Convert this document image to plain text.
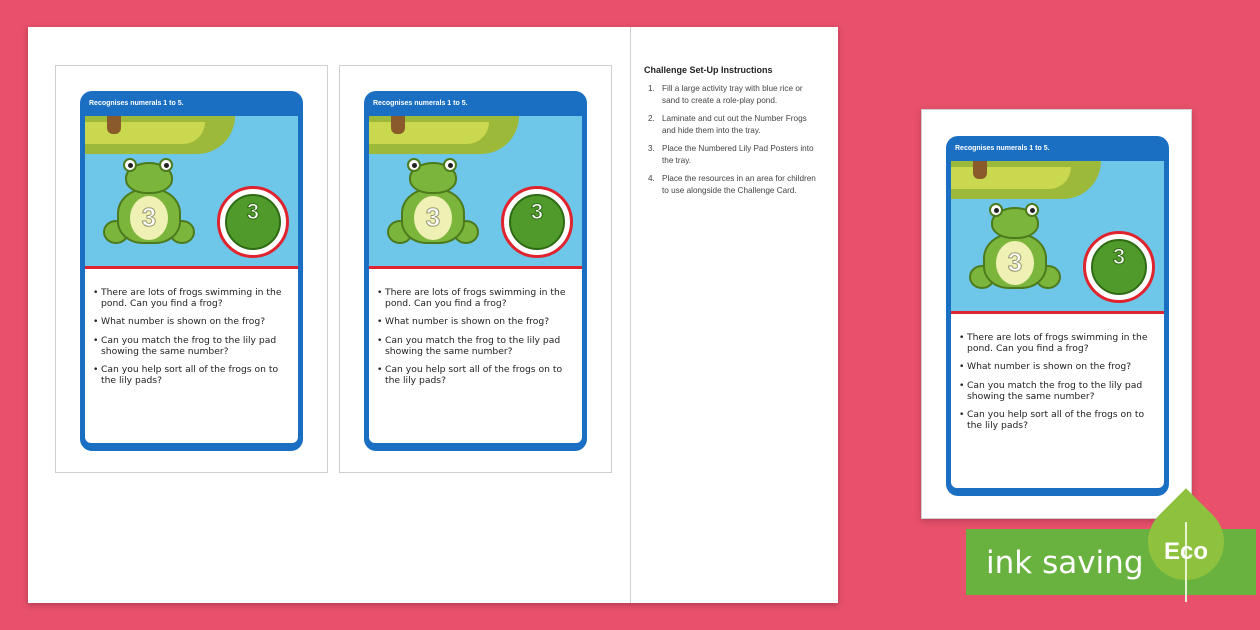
Recognises numerals 1 to 5.
3	3
• There are lots of frogs swimming in the pond. Can you find a frog?
• What number is shown on the frog?
• Can you match the frog to the lily pad showing the same number?
• Can you help sort all of the frogs on to the lily pads?
Recognises numerals 1 to 5.
3	3
• There are lots of frogs swimming in the pond. Can you find a frog?
• What number is shown on the frog?
• Can you match the frog to the lily pad showing the same number?
• Can you help sort all of the frogs on to the lily pads?
Challenge Set-Up Instructions
1. Fill a large activity tray with blue rice or sand to create a role-play pond.
2. Laminate and cut out the Number Frogs and hide them into the tray.
3. Place the Numbered Lily Pad Posters into the tray.
4. Place the resources in an area for children to use alongside the Challenge Card.
Recognises numerals 1 to 5.
3	3
• There are lots of frogs swimming in the pond. Can you find a frog?
• What number is shown on the frog?
• Can you match the frog to the lily pad showing the same number?
• Can you help sort all of the frogs on to the lily pads?
ink saving Eco
